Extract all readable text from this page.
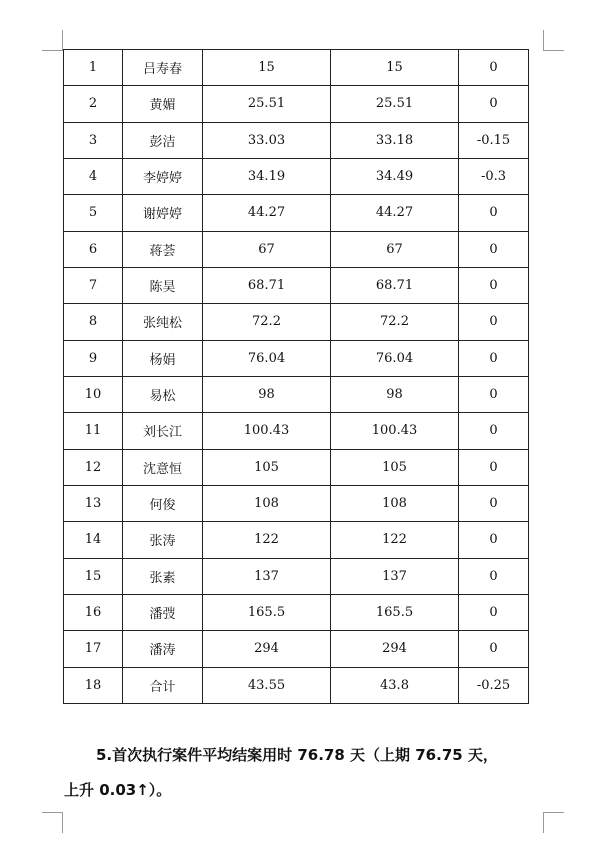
1	吕寿春	15	15	0
2	黄媚	25.51	25.51	0
3	彭洁	33.03	33.18	-0.15
4	李婷婷	34.19	34.49	-0.3
5	谢婷婷	44.27	44.27	0
6	蒋荟	67	67	0
7	陈昊	68.71	68.71	0
8	张纯松	72.2	72.2	0
9	杨娟	76.04	76.04	0
10	易松	98	98	0
11	刘长江	100.43	100.43	0
12	沈意恒	105	105	0
13	何俊	108	108	0
14	张涛	122	122	0
15	张素	137	137	0
16	潘弢	165.5	165.5	0
17	潘涛	294	294	0
18	合计	43.55	43.8	-0.25
5.首次执行案件平均结案用时 76.78 天（上期 76.75 天，
上升 0.03↑）。
